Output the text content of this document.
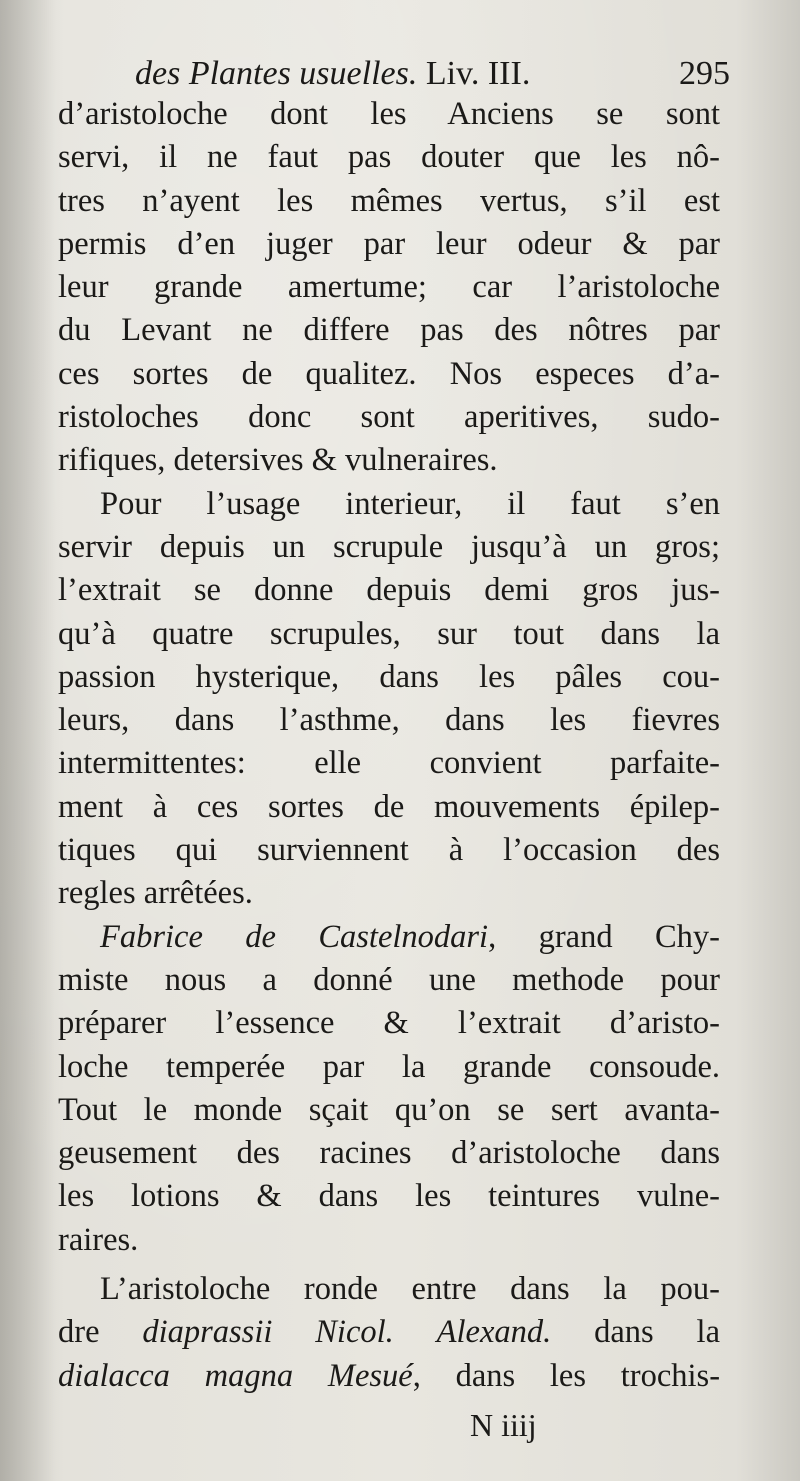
des Plantes usuelles. Liv. III.	295
d’aristoloche dont les Anciens se sont
servi, il ne faut pas douter que les nô-
tres n’ayent les mêmes vertus, s’il est
permis d’en juger par leur odeur & par
leur grande amertume; car l’aristoloche
du Levant ne differe pas des nôtres par
ces sortes de qualitez. Nos especes d’a-
ristoloches donc sont aperitives, sudo-
rifiques, detersives & vulneraires.
Pour l’usage interieur, il faut s’en
servir depuis un scrupule jusqu’à un gros;
l’extrait se donne depuis demi gros jus-
qu’à quatre scrupules, sur tout dans la
passion hysterique, dans les pâles cou-
leurs, dans l’asthme, dans les fievres
intermittentes: elle convient parfaite-
ment à ces sortes de mouvements épilep-
tiques qui surviennent à l’occasion des
regles arrêtées.
Fabrice de Castelnodari, grand Chy-
miste nous a donné une methode pour
préparer l’essence & l’extrait d’aristo-
loche temperée par la grande consoude.
Tout le monde sçait qu’on se sert avanta-
geusement des racines d’aristoloche dans
les lotions & dans les teintures vulne-
raires.
L’aristoloche ronde entre dans la pou-
dre diaprassii Nicol. Alexand. dans la
dialacca magna Mesué, dans les trochis-
N iiij
